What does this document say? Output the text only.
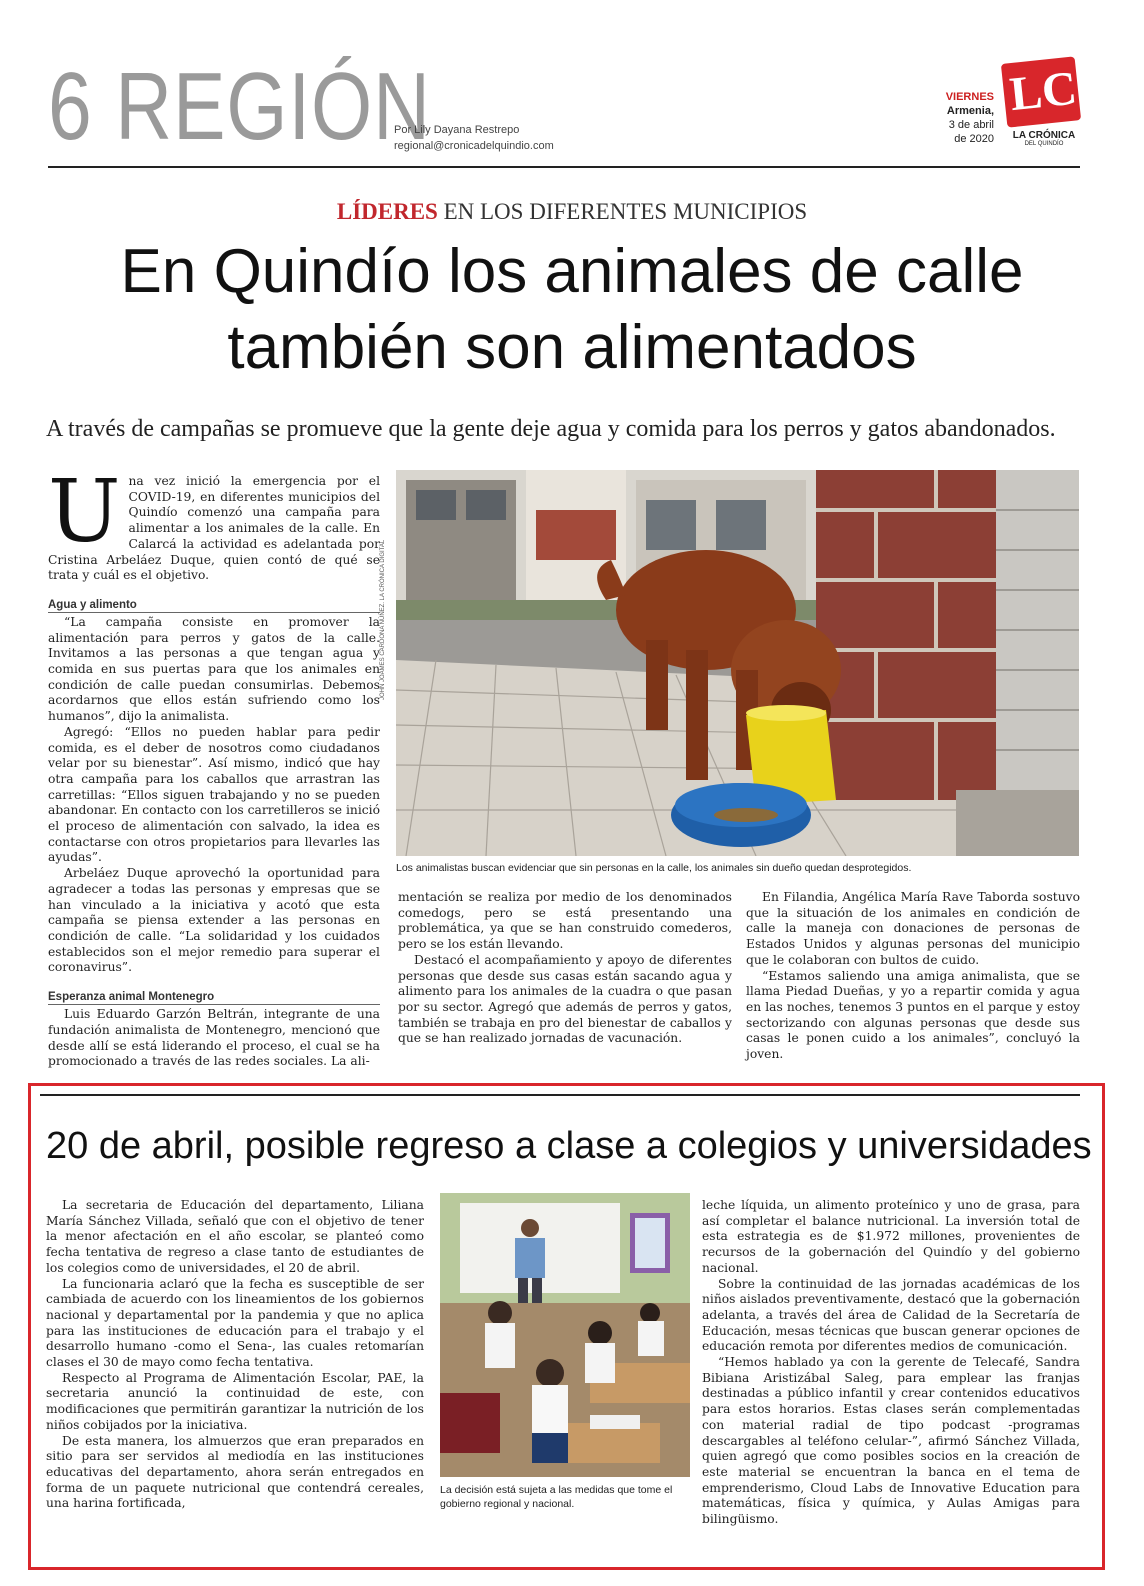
6 REGIÓN
Por Lily Dayana Restrepo
regional@cronicadelquindio.com
VIERNES
Armenia,
3 de abril
de 2020
LC
LA CRÓNICA
DEL QUINDÍO
LÍDERES EN LOS DIFERENTES MUNICIPIOS
En Quindío los animales de calle
también son alimentados
A través de campañas se promueve que la gente deje agua y comida para los perros y gatos abandonados.
U na vez inició la emergencia por el COVID-19, en diferentes municipios del Quindío comenzó una campaña para alimentar a los animales de la calle. En Calarcá la actividad es adelantada por Cristina Arbeláez Duque, quien contó de qué se trata y cuál es el objetivo.

Agua y alimento

“La campaña consiste en promover la alimentación para perros y gatos de la calle. Invitamos a las personas a que tengan agua y comida en sus puertas para que los animales en condición de calle puedan consumirlas. Debemos acordarnos que ellos están sufriendo como los humanos”, dijo la animalista.

Agregó: “Ellos no pueden hablar para pedir comida, es el deber de nosotros como ciudadanos velar por su bienestar”. Así mismo, indicó que hay otra campaña para los caballos que arrastran las carretillas: “Ellos siguen trabajando y no se pueden abandonar. En contacto con los carretilleros se inició el proceso de alimentación con salvado, la idea es contactarse con otros propietarios para llevarles las ayudas”.

Arbeláez Duque aprovechó la oportunidad para agradecer a todas las personas y empresas que se han vinculado a la iniciativa y acotó que esta campaña se piensa extender a las personas en condición de calle. “La solidaridad y los cuidados establecidos son el mejor remedio para superar el coronavirus”.

Esperanza animal Montenegro

Luis Eduardo Garzón Beltrán, integrante de una fundación animalista de Montenegro, mencionó que desde allí se está liderando el proceso, el cual se ha promocionado a través de las redes sociales. La ali-

JOHN JOAMES CARDONA NÚÑEZ. LA CRÓNICA DIGITAL
Los animalistas buscan evidenciar que sin personas en la calle, los animales sin dueño quedan desprotegidos.

mentación se realiza por medio de los denominados comedogs, pero se está presentando una problemática, ya que se han construido comederos, pero se los están llevando.

Destacó el acompañamiento y apoyo de diferentes personas que desde sus casas están sacando agua y alimento para los animales de la cuadra o que pasan por su sector. Agregó que además de perros y gatos, también se trabaja en pro del bienestar de caballos y que se han realizado jornadas de vacunación.

En Filandia, Angélica María Rave Taborda sostuvo que la situación de los animales en condición de calle la maneja con donaciones de personas de Estados Unidos y algunas personas del municipio que le colaboran con bultos de cuido.

“Estamos saliendo una amiga animalista, que se llama Piedad Dueñas, y yo a repartir comida y agua en las noches, tenemos 3 puntos en el parque y estoy sectorizando con algunas personas que desde sus casas le ponen cuido a los animales”, concluyó la joven.

20 de abril, posible regreso a clase a colegios y universidades

La secretaria de Educación del departamento, Liliana María Sánchez Villada, señaló que con el objetivo de tener la menor afectación en el año escolar, se planteó como fecha tentativa de regreso a clase tanto de estudiantes de los colegios como de universidades, el 20 de abril.

La funcionaria aclaró que la fecha es susceptible de ser cambiada de acuerdo con los lineamientos de los gobiernos nacional y departamental por la pandemia y que no aplica para las instituciones de educación para el trabajo y el desarrollo humano -como el Sena-, las cuales retomarían clases el 30 de mayo como fecha tentativa.

Respecto al Programa de Alimentación Escolar, PAE, la secretaria anunció la continuidad de este, con modificaciones que permitirán garantizar la nutrición de los niños cobijados por la iniciativa.

De esta manera, los almuerzos que eran preparados en sitio para ser servidos al mediodía en las instituciones educativas del departamento, ahora serán entregados en forma de un paquete nutricional que contendrá cereales, una harina fortificada,

La decisión está sujeta a las medidas que tome el gobierno regional y nacional.

leche líquida, un alimento proteínico y uno de grasa, para así completar el balance nutricional. La inversión total de esta estrategia es de $1.972 millones, provenientes de recursos de la gobernación del Quindío y del gobierno nacional.

Sobre la continuidad de las jornadas académicas de los niños aislados preventivamente, destacó que la gobernación adelanta, a través del área de Calidad de la Secretaría de Educación, mesas técnicas que buscan generar opciones de educación remota por diferentes medios de comunicación.

“Hemos hablado ya con la gerente de Telecafé, Sandra Bibiana Aristizábal Saleg, para emplear las franjas destinadas a público infantil y crear contenidos educativos para estos horarios. Estas clases serán complementadas con material radial de tipo podcast -programas descargables al teléfono celular-”, afirmó Sánchez Villada, quien agregó que como posibles socios en la creación de este material se encuentran la banca en el tema de emprenderismo, Cloud Labs de Innovative Education para matemáticas, física y química, y Aulas Amigas para bilingüismo.
